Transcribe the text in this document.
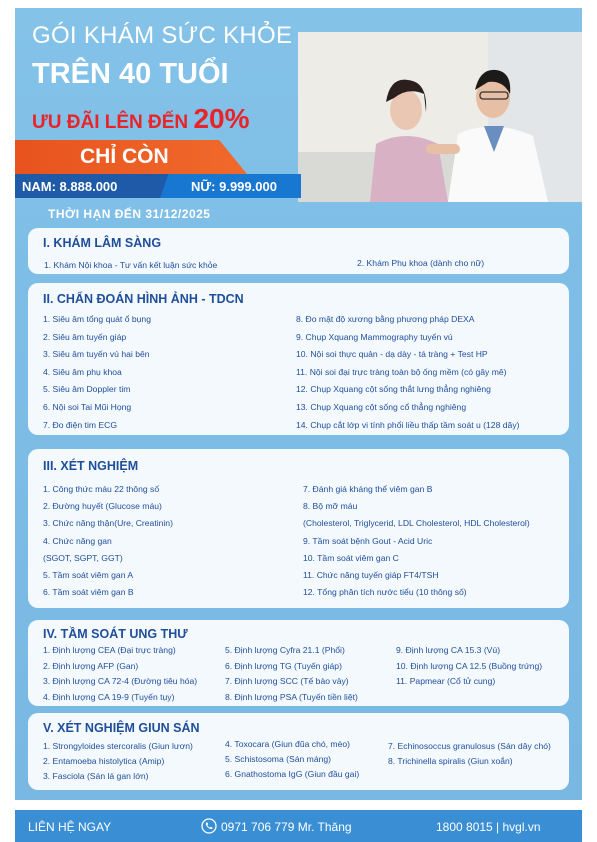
GÓI KHÁM SỨC KHỎE
TRÊN 40 TUỔI
ƯU ĐÃI LÊN ĐẾN 20%
CHỈ CÒN
NAM: 8.888.000	NỮ: 9.999.000
THỜI HẠN ĐẾN 31/12/2025
I. KHÁM LÂM SÀNG
1. Khám Nội khoa - Tư vấn kết luận sức khỏe	2. Khám Phụ khoa (dành cho nữ)
II. CHẨN ĐOÁN HÌNH ẢNH - TDCN
1. Siêu âm tổng quát ổ bụng
2. Siêu âm tuyến giáp
3. Siêu âm tuyến vú hai bên
4. Siêu âm phụ khoa
5. Siêu âm Doppler tim
6. Nội soi Tai Mũi Họng
7. Đo điện tim ECG
8. Đo mật độ xương bằng phương pháp DEXA
9. Chụp Xquang Mammography tuyến vú
10. Nội soi thực quản - dạ dày - tá tràng + Test HP
11. Nội soi đại trực tràng toàn bộ ống mềm (có gây mê)
12. Chụp Xquang cột sống thắt lưng thẳng nghiêng
13. Chụp Xquang cột sống cổ thẳng nghiêng
14. Chụp cắt lớp vi tính phổi liều thấp tầm soát u (128 dãy)
III. XÉT NGHIỆM
1. Công thức máu 22 thông số
2. Đường huyết (Glucose máu)
3. Chức năng thận(Ure, Creatinin)
4. Chức năng gan
(SGOT, SGPT, GGT)
5. Tầm soát viêm gan A
6. Tầm soát viêm gan B
7. Đánh giá kháng thể viêm gan B
8. Bộ mỡ máu
(Cholesterol, Triglycerid, LDL Cholesterol, HDL Cholesterol)
9. Tầm soát bệnh Gout - Acid Uric
10. Tầm soát viêm gan C
11. Chức năng tuyến giáp FT4/TSH
12. Tổng phân tích nước tiểu (10 thông số)
IV. TẦM SOÁT UNG THƯ
1. Định lượng CEA (Đại trực tràng)
2. Định lượng AFP (Gan)
3. Định lượng CA 72-4 (Đường tiêu hóa)
4. Định lượng CA 19-9 (Tuyến tụy)
5. Định lượng Cyfra 21.1 (Phổi)
6. Định lượng TG (Tuyến giáp)
7. Định lượng SCC (Tế bào vảy)
8. Định lượng PSA (Tuyến tiền liệt)
9. Định lượng CA 15.3 (Vú)
10. Định lượng CA 12.5 (Buồng trứng)
11. Papmear (Cổ tử cung)
V. XÉT NGHIỆM GIUN SÁN
1. Strongyloides stercoralis (Giun lươn)
2. Entamoeba histolytica (Amip)
3. Fasciola (Sán lá gan lớn)
4. Toxocara (Giun đũa chó, mèo)
5. Schistosoma (Sán máng)
6. Gnathostoma IgG (Giun đầu gai)
7. Echinosoccus granulosus (Sán dây chó)
8. Trichinella spiralis (Giun xoắn)
LIÊN HỆ NGAY	0971 706 779 Mr. Thăng	1800 8015 | hvgl.vn
